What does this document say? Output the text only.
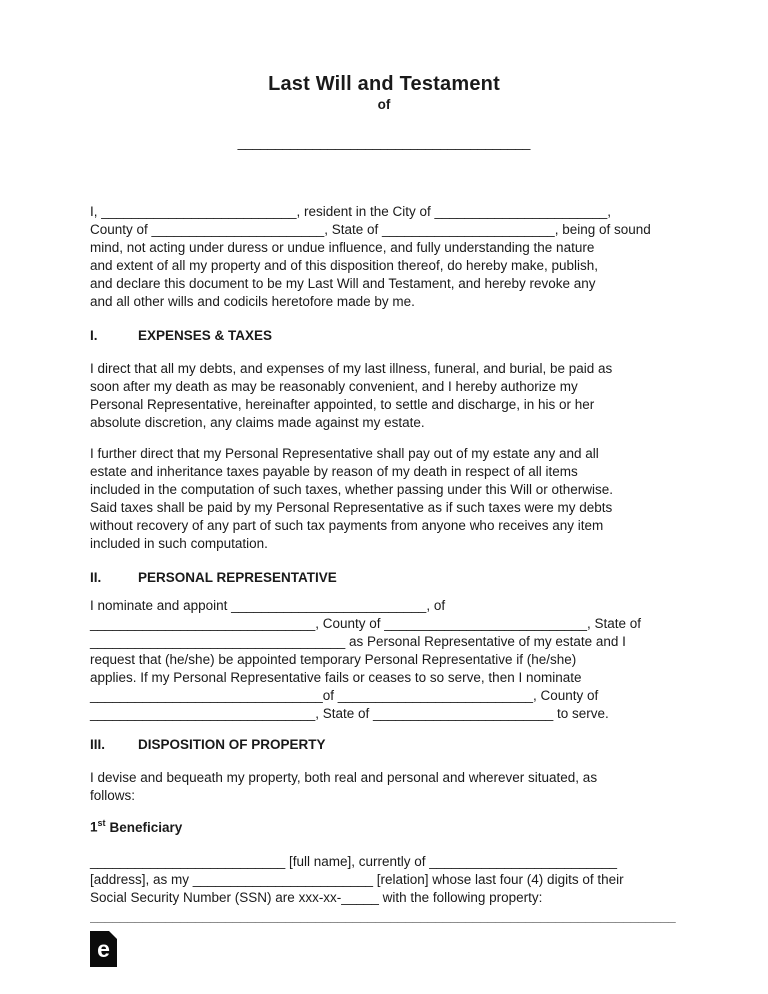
Last Will and Testament
of
_______________________________________
I, __________________________, resident in the City of _______________________,
County of _______________________, State of _______________________, being of sound
mind, not acting under duress or undue influence, and fully understanding the nature
and extent of all my property and of this disposition thereof, do hereby make, publish,
and declare this document to be my Last Will and Testament, and hereby revoke any
and all other wills and codicils heretofore made by me.
I.	EXPENSES & TAXES
I direct that all my debts, and expenses of my last illness, funeral, and burial, be paid as
soon after my death as may be reasonably convenient, and I hereby authorize my
Personal Representative, hereinafter appointed, to settle and discharge, in his or her
absolute discretion, any claims made against my estate.
I further direct that my Personal Representative shall pay out of my estate any and all
estate and inheritance taxes payable by reason of my death in respect of all items
included in the computation of such taxes, whether passing under this Will or otherwise.
Said taxes shall be paid by my Personal Representative as if such taxes were my debts
without recovery of any part of such tax payments from anyone who receives any item
included in such computation.
II.	PERSONAL REPRESENTATIVE
I nominate and appoint __________________________, of
______________________________, County of ___________________________, State of
__________________________________ as Personal Representative of my estate and I
request that (he/she) be appointed temporary Personal Representative if (he/she)
applies. If my Personal Representative fails or ceases to so serve, then I nominate
_______________________________of __________________________, County of
______________________________, State of ________________________ to serve.
III.	DISPOSITION OF PROPERTY
I devise and bequeath my property, both real and personal and wherever situated, as
follows:
1st Beneficiary
__________________________ [full name], currently of _________________________
[address], as my ________________________ [relation] whose last four (4) digits of their
Social Security Number (SSN) are xxx-xx-_____ with the following property:
______________________________________________________________________________
e
